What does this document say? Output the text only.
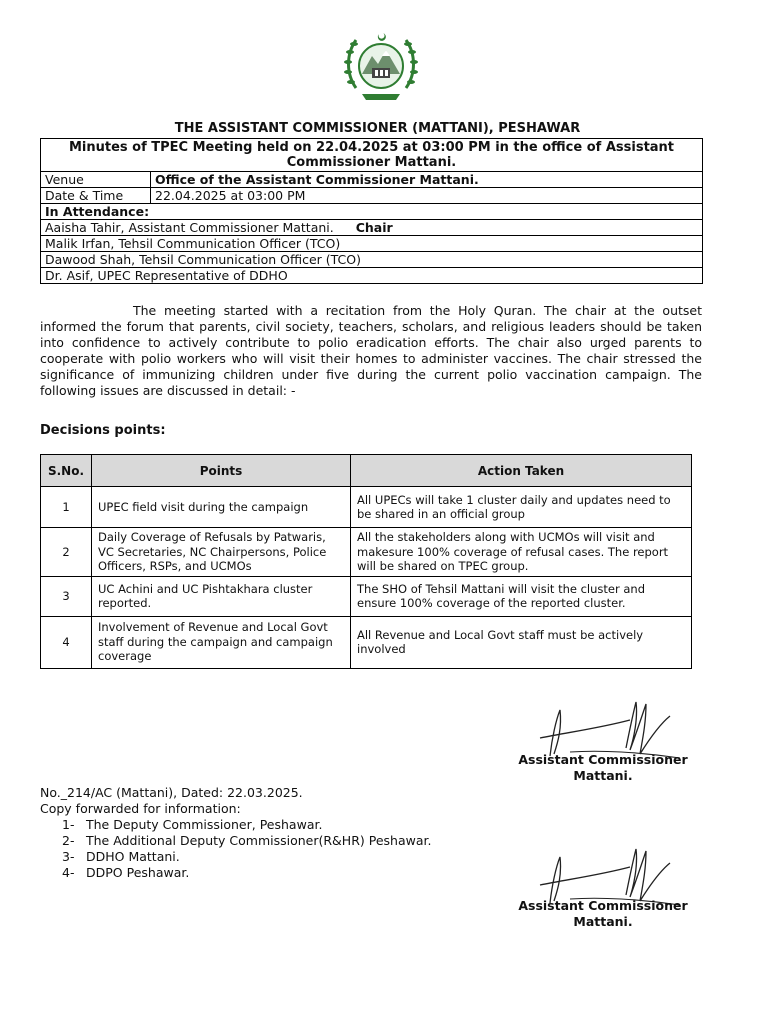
THE ASSISTANT COMMISSIONER (MATTANI), PESHAWAR
Minutes of TPEC Meeting held on 22.04.2025 at 03:00 PM in the office of Assistant Commissioner Mattani.	
Venue	Office of the Assistant Commissioner Mattani.
Date & Time	22.04.2025 at 03:00 PM
In Attendance:	
Aaisha Tahir, Assistant Commissioner Mattani. Chair	
Malik Irfan, Tehsil Communication Officer (TCO)	
Dawood Shah, Tehsil Communication Officer (TCO)	
Dr. Asif, UPEC Representative of DDHO	
The meeting started with a recitation from the Holy Quran. The chair at the outset informed the forum that parents, civil society, teachers, scholars, and religious leaders should be taken into confidence to actively contribute to polio eradication efforts. The chair also urged parents to cooperate with polio workers who will visit their homes to administer vaccines. The chair stressed the significance of immunizing children under five during the current polio vaccination campaign. The following issues are discussed in detail: -
Decisions points:
S.No.	Points	Action Taken
1	UPEC field visit during the campaign	All UPECs will take 1 cluster daily and updates need to be shared in an official group
2	Daily Coverage of Refusals by Patwaris, VC Secretaries, NC Chairpersons, Police Officers, RSPs, and UCMOs	All the stakeholders along with UCMOs will visit and makesure 100% coverage of refusal cases. The report will be shared on TPEC group.
3	UC Achini and UC Pishtakhara cluster reported.	The SHO of Tehsil Mattani will visit the cluster and ensure 100% coverage of the reported cluster.
4	Involvement of Revenue and Local Govt staff during the campaign and campaign coverage	All Revenue and Local Govt staff must be actively involved
Assistant Commissioner
Mattani.
No._214/AC (Mattani), Dated: 22.03.2025.
Copy forwarded for information:
1- The Deputy Commissioner, Peshawar.
2- The Additional Deputy Commissioner(R&HR) Peshawar.
3- DDHO Mattani.
4- DDPO Peshawar.
Assistant Commissioner
Mattani.
